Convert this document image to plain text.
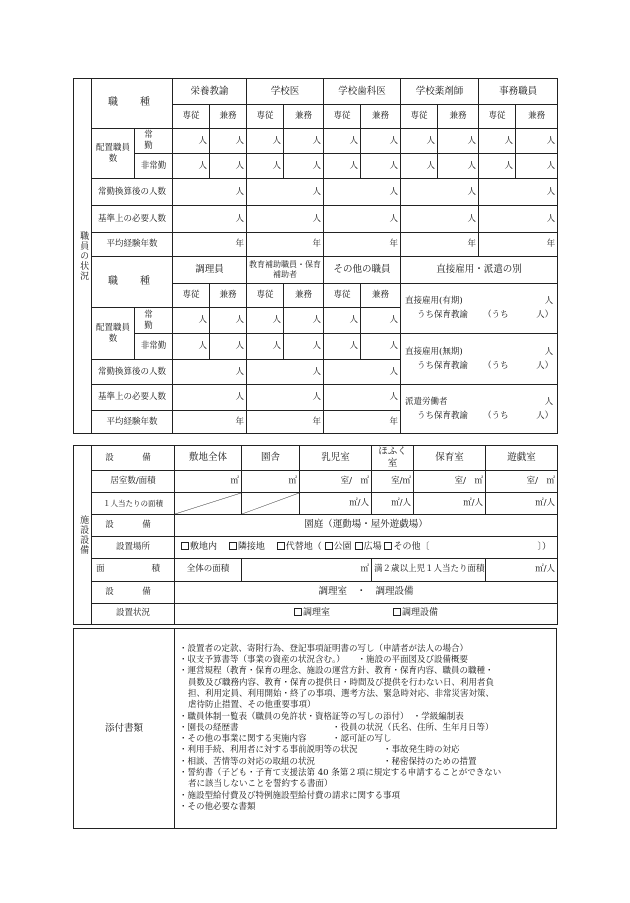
職員の状況	職　種		栄養教諭		学校医		学校歯科医		学校薬剤師		事務職員	
			専従	兼務	専従	兼務	専従	兼務	専従	兼務	専従	兼務
	配置職員数	常　勤	人	人	人	人	人	人	人	人	人	人
		非常勤	人	人	人	人	人	人	人	人	人	人
	常勤換算後の人数		人		人		人		人		人	
	基準上の必要人数		人		人		人		人		人	
	平均経験年数		年		年		年		年		年	
	職　種		調理員		教育補助職員・保育補助者		その他の職員		直接雇用・派遣の別			
			専従	兼務	専従	兼務	専従	兼務	直接雇用(有期) 人
うち保育教諭 （うち 人）			

	配置職員数	常　勤	人	人	人	人	人	人				
		非常勤	人	人	人	人	人	人	直接雇用(無期) 人
うち保育教諭 （うち 人）			

	常勤換算後の人数		人		人		人					
	基準上の必要人数		人		人		人		派遣労働者 人
うち保育教諭 （うち 人）			

	平均経験年数		年		年		年					
施設設備	設　備	敷地全体	園舎	乳児室	ほふく室	保育室	遊戯室
	居室数/面積	㎡	㎡	室/  ㎡	室/㎡	室/  ㎡	室/  ㎡
	１人当たりの面積			㎡/人	㎡/人	㎡/人	㎡/人
	設　備	園庭（運動場・屋外遊戯場）					
	設置場所	敷地内  隣接地  代替地（ 公園 広場 その他〔 〕）					

	面　　積	全体の面積	㎡		満２歳以上児１人当たり面積		㎡/人
	設　備	調理室　・　調理設備					
	設置状況	調理室 調理設備					
添付書類	
・設置者の定款、寄附行為、登記事項証明書の写し（申請者が法人の場合）
・収支予算書等（事業の資産の状況含む。）　　・施設の平面図及び設備概要
・運営規程（教育・保育の理念、施設の運営方針、教育・保育内容、職員の職種・
員数及び職務内容、教育・保育の提供日・時間及び提供を行わない日、利用者負
担、利用定員、利用開始・終了の事項、選考方法、緊急時対応、非常災害対策、
虐待防止措置、その他重要事項）
・職員体制一覧表（職員の免許状・資格証等の写しの添付）　・学級編制表
・園長の経歴書　　　　　　　　　　　・役員の状況（氏名、住所、生年月日等）
・その他の事業に関する実施内容　　　・認可証の写し
・利用手続、利用者に対する事前説明等の状況　　　・事故発生時の対応
・相談、苦情等の対応の取組の状況　　　　　　　　・秘密保持のための措置
・誓約書（子ども・子育て支援法第 40 条第２項に規定する申請することができない
者に該当しないことを誓約する書面）
・施設型給付費及び特例施設型給付費の請求に関する事項
・その他必要な書類
